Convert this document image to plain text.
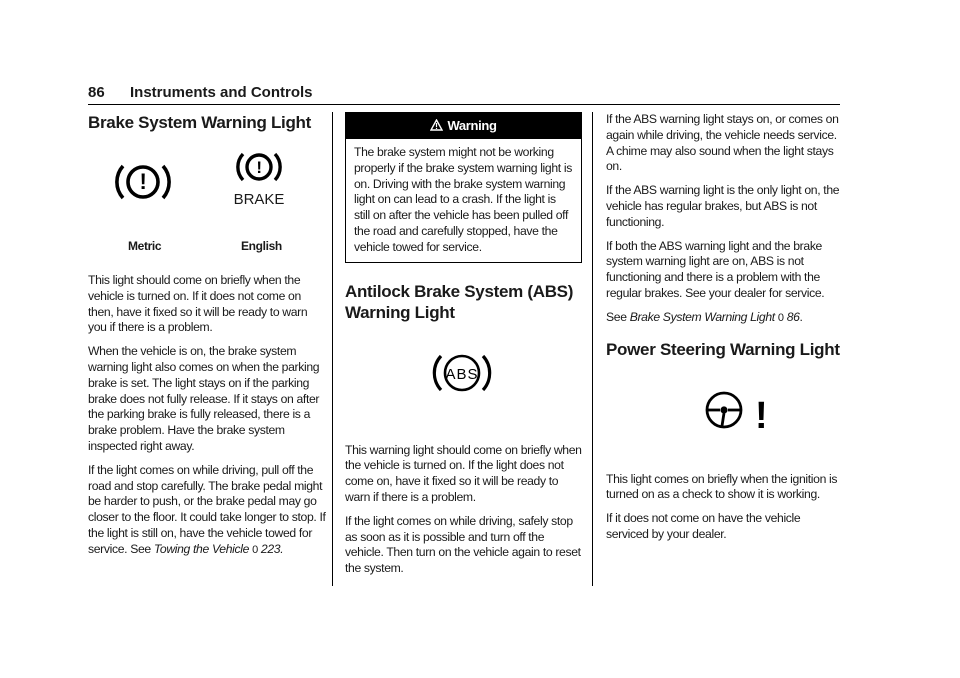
86 Instruments and Controls
Brake System Warning Light
!
!
BRAKE
Metric	English

This light should come on briefly when the vehicle is turned on. If it does not come on then, have it fixed so it will be ready to warn you if there is a problem.

When the vehicle is on, the brake system warning light also comes on when the parking brake is set. The light stays on if the parking brake does not fully release. If it stays on after the parking brake is fully released, there is a brake problem. Have the brake system inspected right away.

If the light comes on while driving, pull off the road and stop carefully. The brake pedal might be harder to push, or the brake pedal may go closer to the floor. It could take longer to stop. If the light is still on, have the vehicle towed for service. See Towing the Vehicle 0 223.

Warning
The brake system might not be working properly if the brake system warning light is on. Driving with the brake system warning light on can lead to a crash. If the light is still on after the vehicle has been pulled off the road and carefully stopped, have the vehicle towed for service.
Antilock Brake System (ABS) Warning Light
ABS

This warning light should come on briefly when the vehicle is turned on. If the light does not come on, have it fixed so it will be ready to warn if there is a problem.

If the light comes on while driving, safely stop as soon as it is possible and turn off the vehicle. Then turn on the vehicle again to reset the system.

If the ABS warning light stays on, or comes on again while driving, the vehicle needs service. A chime may also sound when the light stays on.

If the ABS warning light is the only light on, the vehicle has regular brakes, but ABS is not functioning.

If both the ABS warning light and the brake system warning light are on, ABS is not functioning and there is a problem with the regular brakes. See your dealer for service.

See Brake System Warning Light 0 86.

Power Steering Warning Light
!

This light comes on briefly when the ignition is turned on as a check to show it is working.

If it does not come on have the vehicle serviced by your dealer.
